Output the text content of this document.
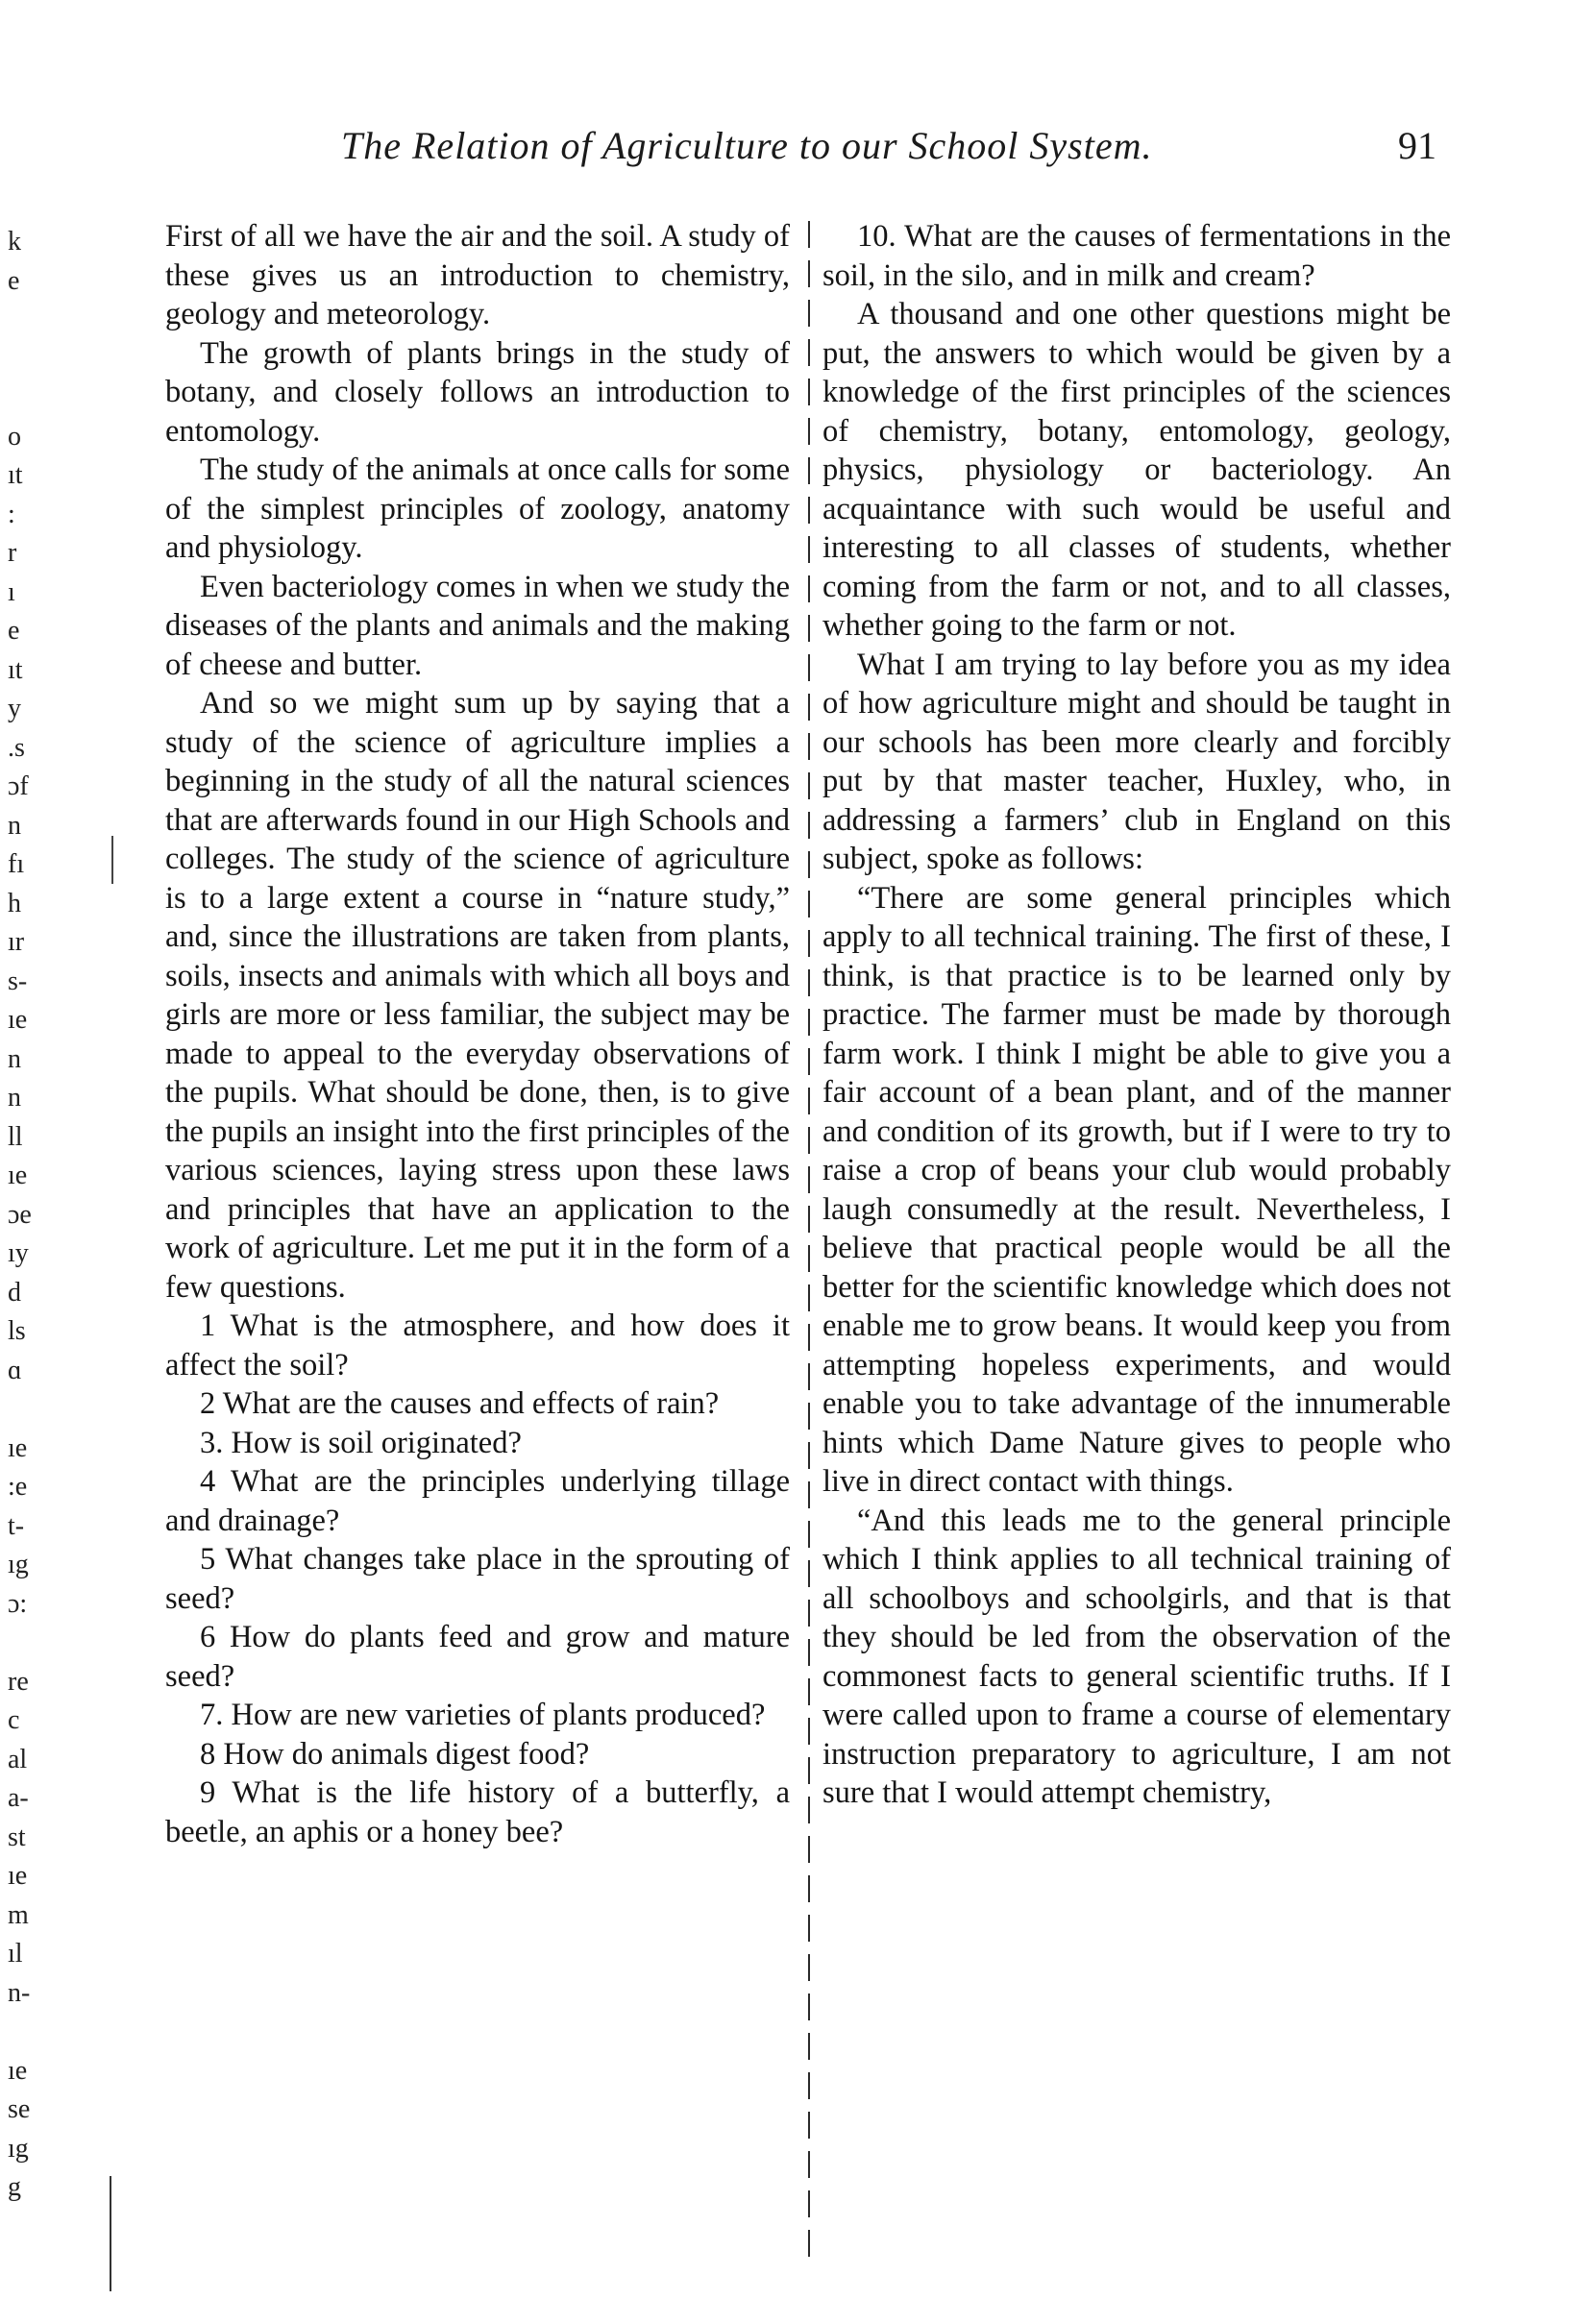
The Relation of Agriculture to our School System.	91
k
e
o
ıt
:
r
ı
e
ıt
y
.s
ɔf
n
fı
h
ır
s-
ıe
n
n
ll
ıe
ɔe
ıy
d
ls
ɑ
ıe
:e
t-
ıg
ɔ:
re
c
al
a-
st
ıe
m
ıl
n-
ıe
se
ıg
g

First of all we have the air and the soil. A study of these gives us an introduction to chemistry, geology and meteorology.

The growth of plants brings in the study of botany, and closely follows an introduction to entomology.

The study of the animals at once calls for some of the simplest principles of zoology, anatomy and physiology.

Even bacteriology comes in when we study the diseases of the plants and animals and the making of cheese and butter.

And so we might sum up by saying that a study of the science of agriculture implies a beginning in the study of all the natural sciences that are afterwards found in our High Schools and colleges. The study of the science of agriculture is to a large extent a course in “nature study,” and, since the illustrations are taken from plants, soils, insects and animals with which all boys and girls are more or less familiar, the subject may be made to appeal to the everyday observations of the pupils. What should be done, then, is to give the pupils an insight into the first principles of the various sciences, laying stress upon these laws and principles that have an application to the work of agriculture. Let me put it in the form of a few questions.

1 What is the atmosphere, and how does it affect the soil?

2 What are the causes and effects of rain?

3. How is soil originated?

4 What are the principles underlying tillage and drainage?

5 What changes take place in the sprouting of seed?

6 How do plants feed and grow and mature seed?

7. How are new varieties of plants produced?

8 How do animals digest food?

9 What is the life history of a butterfly, a beetle, an aphis or a honey bee?

10. What are the causes of fermentations in the soil, in the silo, and in milk and cream?

A thousand and one other questions might be put, the answers to which would be given by a knowledge of the first principles of the sciences of chemistry, botany, entomology, geology, physics, physiology or bacteriology. An acquaintance with such would be useful and interesting to all classes of students, whether coming from the farm or not, and to all classes, whether going to the farm or not.

What I am trying to lay before you as my idea of how agriculture might and should be taught in our schools has been more clearly and forcibly put by that master teacher, Huxley, who, in addressing a farmers’ club in England on this subject, spoke as follows:

“There are some general principles which apply to all technical training. The first of these, I think, is that practice is to be learned only by practice. The farmer must be made by thorough farm work. I think I might be able to give you a fair account of a bean plant, and of the manner and condition of its growth, but if I were to try to raise a crop of beans your club would probably laugh consumedly at the result. Nevertheless, I believe that practical people would be all the better for the scientific knowledge which does not enable me to grow beans. It would keep you from attempting hopeless experiments, and would enable you to take advantage of the innumerable hints which Dame Nature gives to people who live in direct contact with things.

“And this leads me to the general principle which I think applies to all technical training of all schoolboys and schoolgirls, and that is that they should be led from the observation of the commonest facts to general scientific truths. If I were called upon to frame a course of elementary instruction preparatory to agriculture, I am not sure that I would attempt chemistry,
